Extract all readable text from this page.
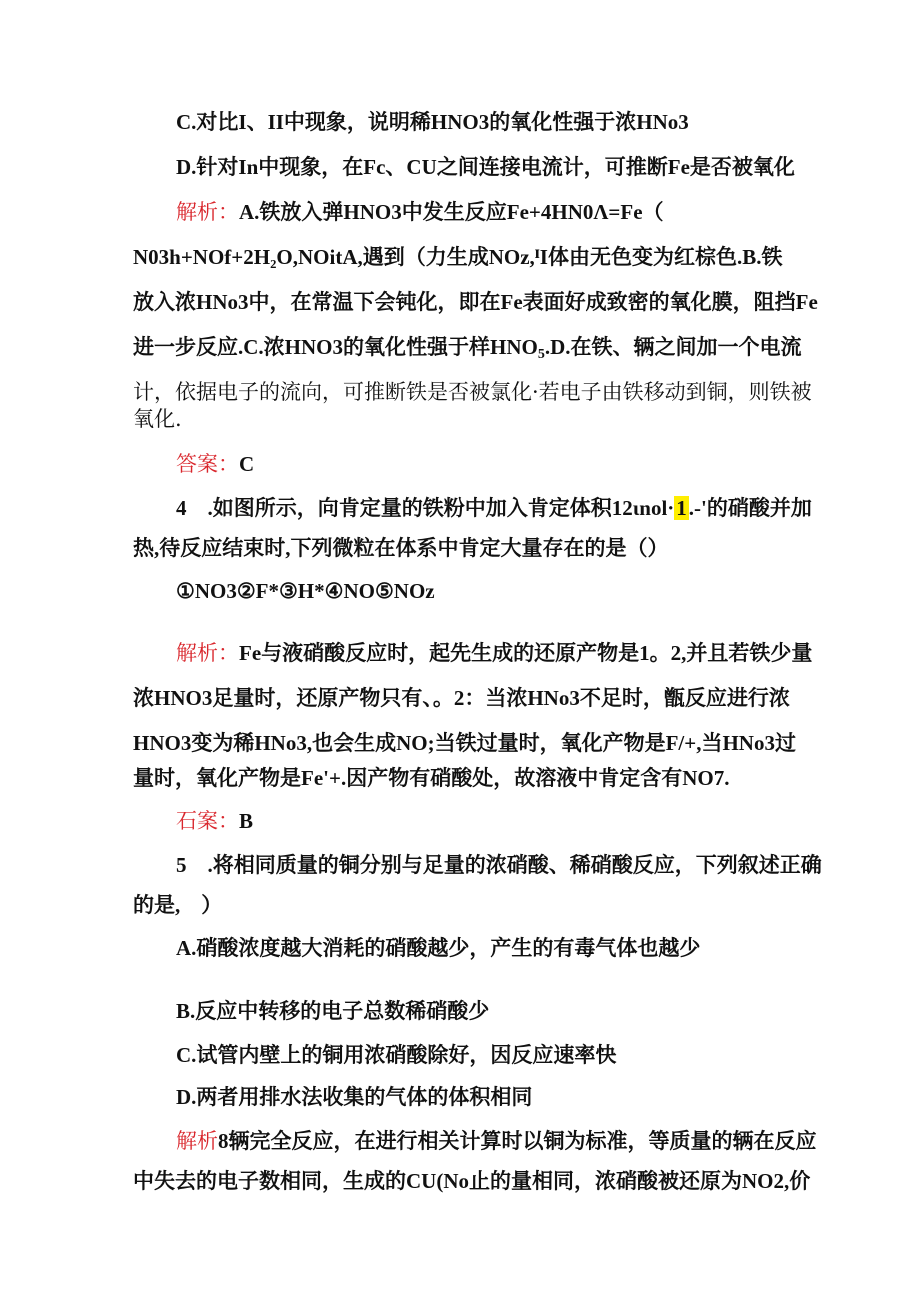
C.对比I、II中现象，说明稀HNO3的氧化性强于浓HNo3
D.针对In中现象，在Fc、CU之间连接电流计，可推断Fe是否被氧化
解析：A.铁放入弹HNO3中发生反应Fe+4HN0Λ=Fe（
N03h+NOf+2H₂O,NOitA,遇到（力生成NOz,ᴵI体由无色变为红棕色.B.铁
放入浓HNo3中，在常温下会钝化，即在Fe表面好成致密的氧化膜，阻挡Fe
进一步反应.C.浓HNO3的氧化性强于样$HNO_5.D$.在铁、辆之间加一个电流
计，依据电子的流向，可推断铁是否被氯化·若电子由铁移动到铜，则铁被
氧化.
答案：C
4　.如图所示，向肯定量的铁粉中加入肯定体积12ιnol·1.-'的硝酸并加
热,待反应结束时,下列微粒在体系中肯定大量存在的是（）
①NO3②F*③H*④NO⑤NOz
解析：Fe与液硝酸反应时，起先生成的还原产物是1。2,并且若铁少量
浓HNO3足量时，还原产物只有、。2：当浓HNo3不足时，甑反应进行浓
HNO3变为稀HNo3,也会生成NO;当铁过量时，氧化产物是F/+,当HNo3过
量时，氧化产物是Fe'+.因产物有硝酸处，故溶液中肯定含有NO7.
石案：B
5　.将相同质量的铜分别与足量的浓硝酸、稀硝酸反应，下列叙述正确
的是,　）
A.硝酸浓度越大消耗的硝酸越少，产生的有毒气体也越少
B.反应中转移的电子总数稀硝酸少
C.试管内壁上的铜用浓硝酸除好，因反应速率快
D.两者用排水法收集的气体的体积相同
解析8辆完全反应，在进行相关计算时以铜为标准，等质量的辆在反应
中失去的电子数相同，生成的CU(No止的量相同，浓硝酸被还原为NO2,价
